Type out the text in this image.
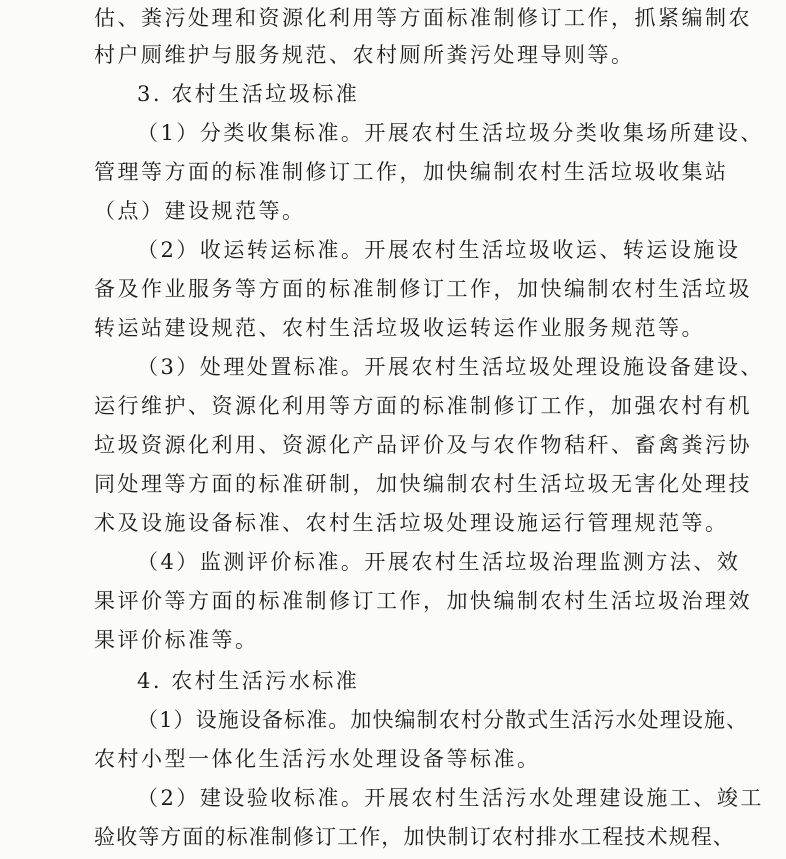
估、粪污处理和资源化利用等方面标准制修订工作，抓紧编制农
村户厕维护与服务规范、农村厕所粪污处理导则等。
3. 农村生活垃圾标准
（1）分类收集标准。开展农村生活垃圾分类收集场所建设、
管理等方面的标准制修订工作，加快编制农村生活垃圾收集站
（点）建设规范等。
（2）收运转运标准。开展农村生活垃圾收运、转运设施设
备及作业服务等方面的标准制修订工作，加快编制农村生活垃圾
转运站建设规范、农村生活垃圾收运转运作业服务规范等。
（3）处理处置标准。开展农村生活垃圾处理设施设备建设、
运行维护、资源化利用等方面的标准制修订工作，加强农村有机
垃圾资源化利用、资源化产品评价及与农作物秸秆、畜禽粪污协
同处理等方面的标准研制，加快编制农村生活垃圾无害化处理技
术及设施设备标准、农村生活垃圾处理设施运行管理规范等。
（4）监测评价标准。开展农村生活垃圾治理监测方法、效
果评价等方面的标准制修订工作，加快编制农村生活垃圾治理效
果评价标准等。
4. 农村生活污水标准
（1）设施设备标准。加快编制农村分散式生活污水处理设施、
农村小型一体化生活污水处理设备等标准。
（2）建设验收标准。开展农村生活污水处理建设施工、竣工
验收等方面的标准制修订工作，加快制订农村排水工程技术规程、
